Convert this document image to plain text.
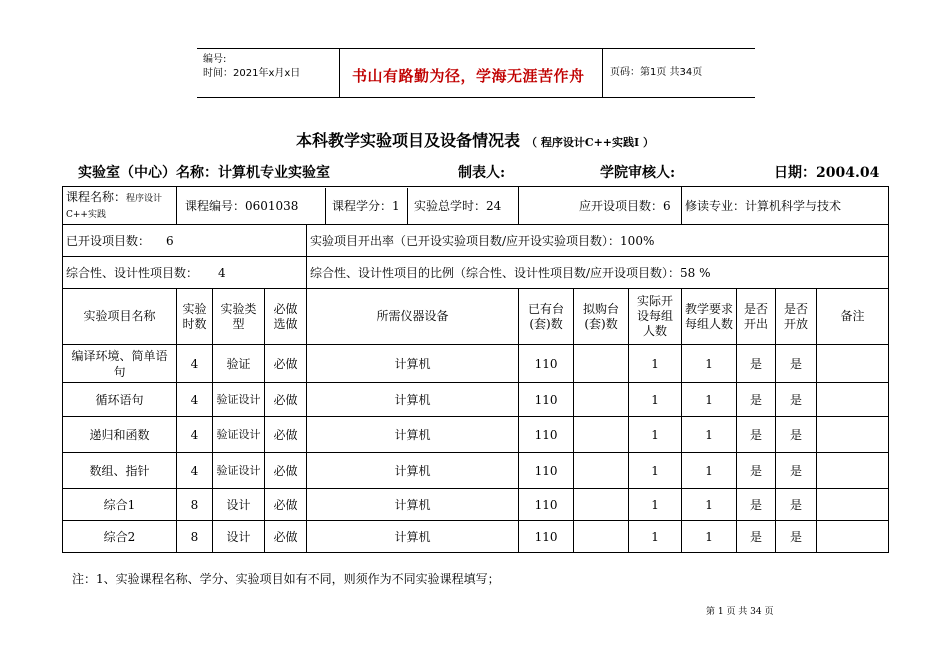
编号:
时间：2021年x月x日	书山有路勤为径，学海无涯苦作舟	页码：第1页 共34页
本科教学实验项目及设备情况表 （ 程序设计C++实践Ⅰ ）
实验室（中心）名称：计算机专业实验室	制表人:	学院审核人:	日期：2004.04
课程名称：程序设计C++实践	课程编号：0601038 课程学分：1 实验总学时：24				应开设项目数：6			修读专业：计算机科学与技术			
已开设项目数： 6				实验项目开出率（已开设实验项目数/应开设实验项目数）：100%							
综合性、设计性项目数： 4				综合性、设计性项目的比例（综合性、设计性项目数/应开设项目数）：58 %							
实验项目名称	实验时数	实验类型	必做选做	所需仪器设备	已有台(套)数	拟购台(套)数	实际开设每组人数	教学要求每组人数	是否开出	是否开放	备注
编译环境、简单语句	4	验证	必做	计算机	110		1	1	是	是	
循环语句	4	验证设计	必做	计算机	110		1	1	是	是	
递归和函数	4	验证设计	必做	计算机	110		1	1	是	是	
数组、指针	4	验证设计	必做	计算机	110		1	1	是	是	
综合1	8	设计	必做	计算机	110		1	1	是	是	
综合2	8	设计	必做	计算机	110		1	1	是	是	
注：1、实验课程名称、学分、实验项目如有不同，则须作为不同实验课程填写；
第 1 页 共 34 页
